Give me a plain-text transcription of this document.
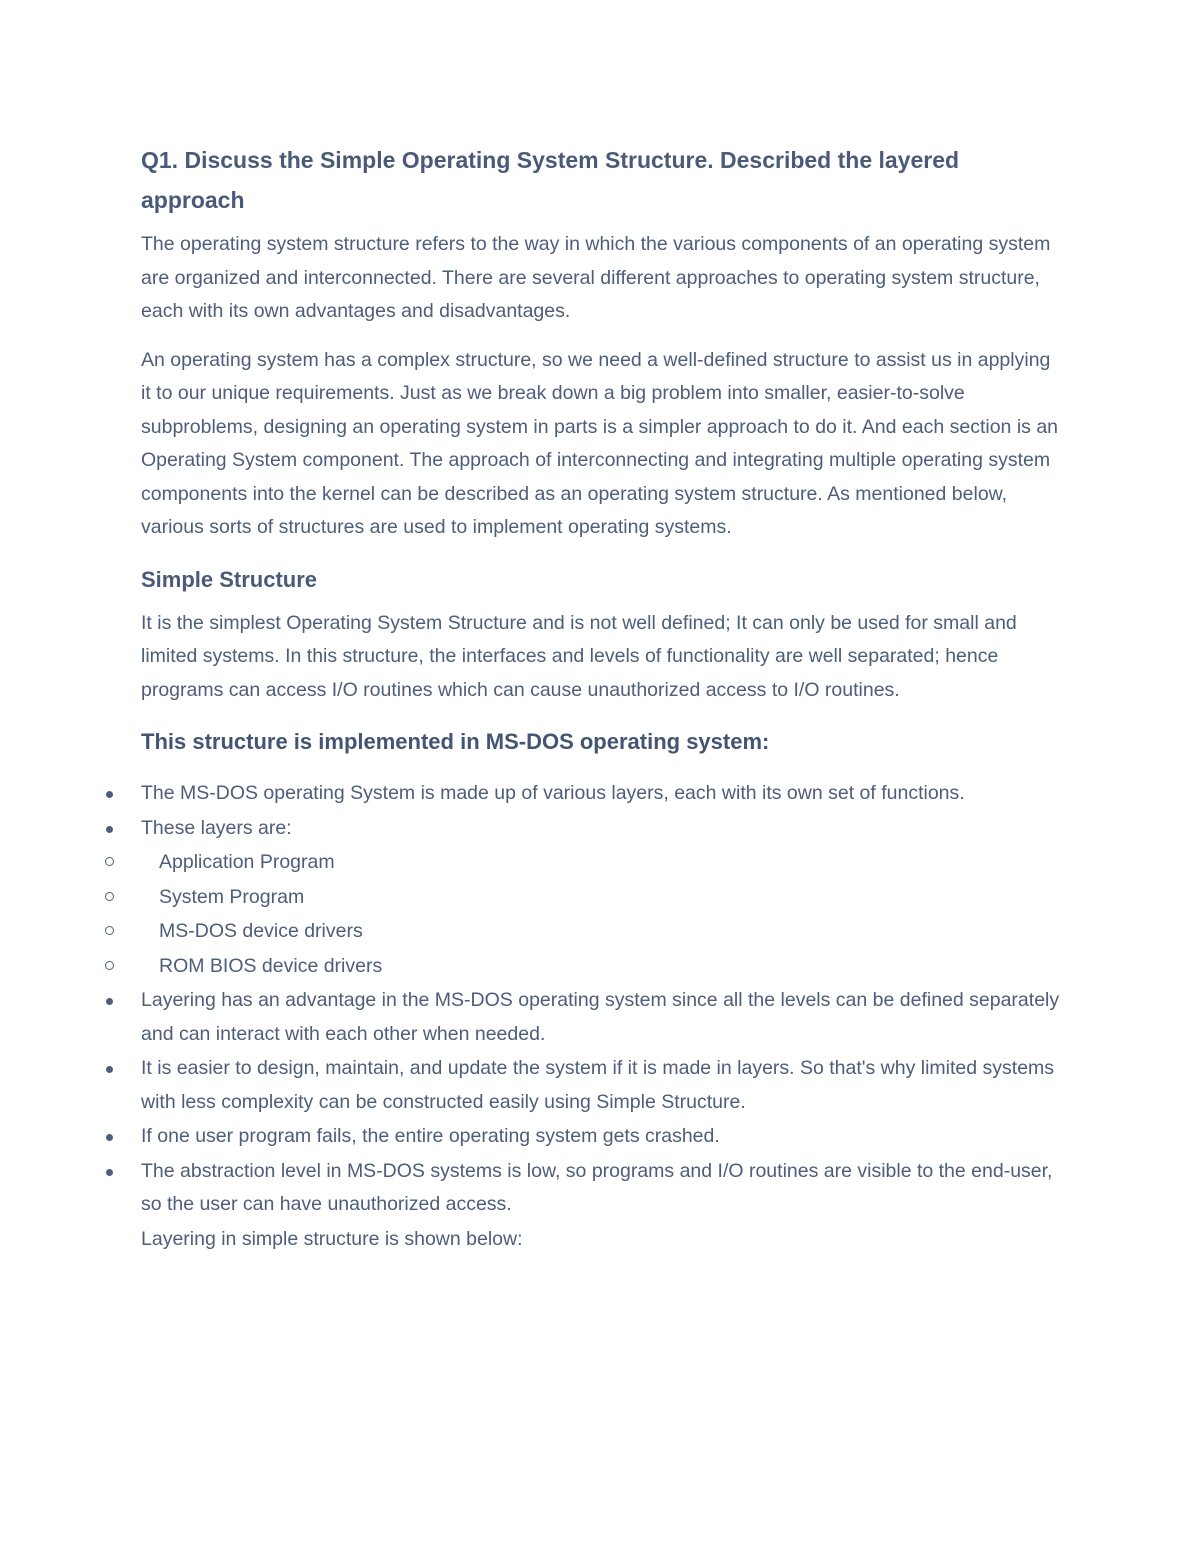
Q1. Discuss the Simple Operating System Structure. Described the layered approach

The operating system structure refers to the way in which the various components of an operating system are organized and interconnected. There are several different approaches to operating system structure, each with its own advantages and disadvantages.

An operating system has a complex structure, so we need a well-defined structure to assist us in applying it to our unique requirements. Just as we break down a big problem into smaller, easier-to-solve subproblems, designing an operating system in parts is a simpler approach to do it. And each section is an Operating System component. The approach of interconnecting and integrating multiple operating system components into the kernel can be described as an operating system structure. As mentioned below, various sorts of structures are used to implement operating systems.

Simple Structure

It is the simplest Operating System Structure and is not well defined; It can only be used for small and limited systems. In this structure, the interfaces and levels of functionality are well separated; hence programs can access I/O routines which can cause unauthorized access to I/O routines.

This structure is implemented in MS-DOS operating system:
The MS-DOS operating System is made up of various layers, each with its own set of functions.
These layers are:
Application Program
System Program
MS-DOS device drivers
ROM BIOS device drivers
Layering has an advantage in the MS-DOS operating system since all the levels can be defined separately and can interact with each other when needed.
It is easier to design, maintain, and update the system if it is made in layers. So that's why limited systems with less complexity can be constructed easily using Simple Structure.
If one user program fails, the entire operating system gets crashed.
The abstraction level in MS-DOS systems is low, so programs and I/O routines are visible to the end-user, so the user can have unauthorized access.

Layering in simple structure is shown below:
